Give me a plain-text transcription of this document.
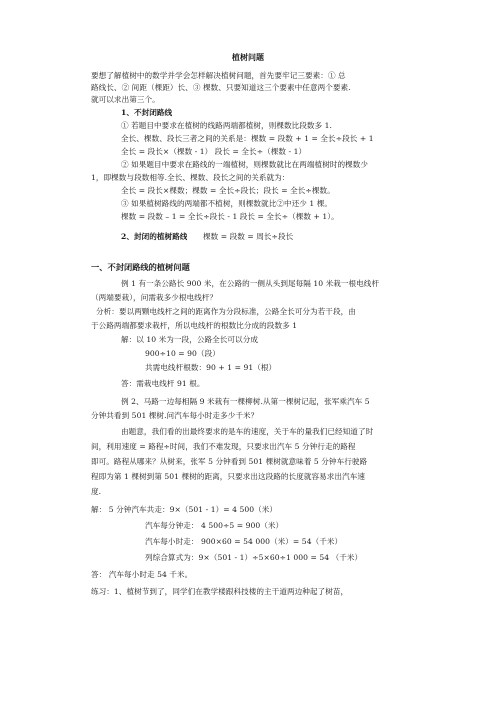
植树问题
要想了解植树中的数学并学会怎样解决植树问题，首先要牢记三要素：① 总
路线长、② 间距（棵距）长、③ 棵数、只要知道这三个要素中任意两个要素.
就可以求出第三个。
1、不封闭路线
① 若题目中要求在植树的线路两端都植树，则棵数比段数多 1.
全长、棵数、段长三者之间的关系是：棵数 = 段数 + 1 = 全长÷段长 + 1
全长 = 段长×（棵数 - 1） 段长 = 全长÷（棵数 - 1）
② 如果题目中要求在路线的一端植树，则棵数就比在两端植树时的棵数少
1，即棵数与段数相等.全长、棵数、段长之间的关系就为：
全长 = 段长×棵数；棵数 = 全长÷段长；段长 = 全长÷棵数。
③ 如果植树路线的两端都不植树，则棵数就比②中还少 1 棵。
棵数 = 段数 – 1 = 全长÷段长 - 1 段长 = 全长÷（棵数 + 1）。
2、封闭的植树路线 棵数 = 段数 = 周长÷段长
一、不封闭路线的植树问题
例 1 有一条公路长 900 米，在公路的一侧从头到尾每隔 10 米栽一根电线杆
（两端要栽），问需栽多少根电线杆？
分析：要以两颗电线杆之间的距离作为分段标准，公路全长可分为若干段，由
于公路两端都要求栽杆，所以电线杆的根数比分成的段数多 1
解：以 10 米为一段，公路全长可以分成
900÷10 = 90（段）
共需电线杆根数：90 + 1 = 91（根）
答：需栽电线杆 91 根。
例 2、马路一边每相隔 9 米栽有一棵柳树.从第一棵树记起，张军乘汽车 5
分钟共看到 501 棵树.问汽车每小时走多少千米？
由题意，我们看的出最终要求的是车的速度，关于车的量我们已经知道了时
间，利用速度 = 路程÷时间，我们不难发现，只要求出汽车 5 分钟行走的路程
即可。路程从哪来？从树来，张军 5 分钟看到 501 棵树就意味着 5 分钟车行驶路
程即为第 1 棵树到第 501 棵树的距离，只要求出这段路的长度就容易求出汽车速
度.
解： 5 分钟汽车共走：9×（501 - 1）= 4 500（米）
汽车每分钟走： 4 500÷5 = 900（米）
汽车每小时走： 900×60 = 54 000（米）= 54（千米）
列综合算式为：9×（501 - 1）÷5×60÷1 000 = 54 （千米）
答： 汽车每小时走 54 千米。
练习：1、植树节到了，同学们在教学楼跟科技楼的主干道两边种起了树苗，
